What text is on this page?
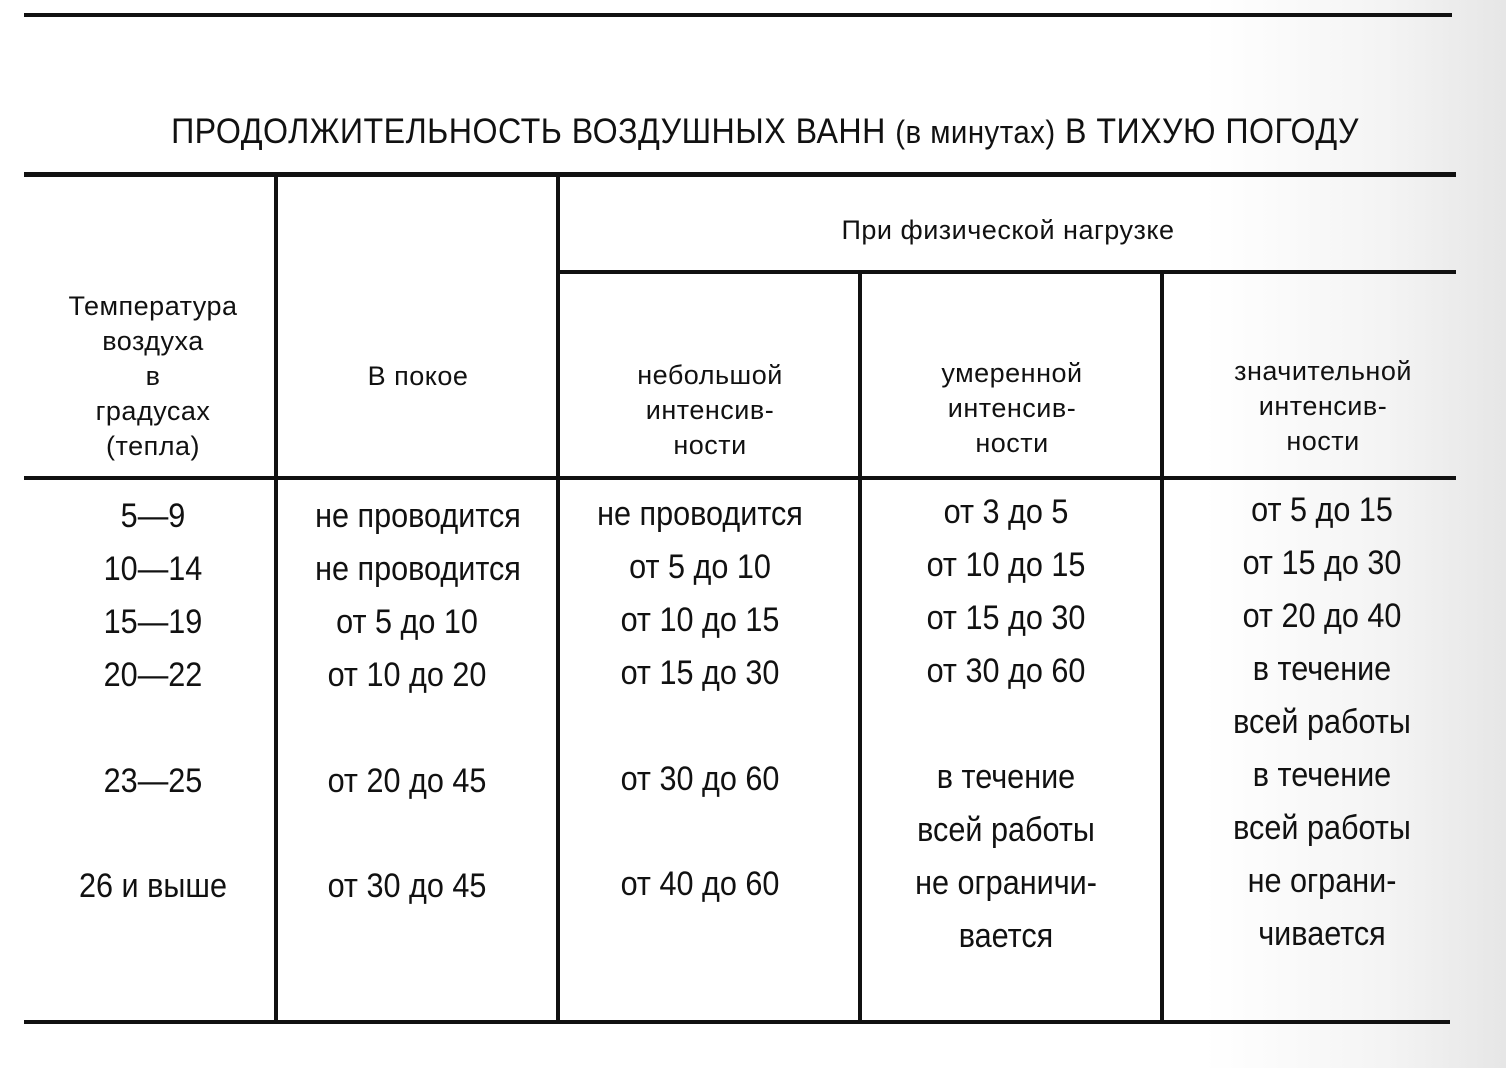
ПРОДОЛЖИТЕЛЬНОСТЬ ВОЗДУШНЫХ ВАНН (в минутах) В ТИХУЮ ПОГОДУ
Температура
воздуха
в
градусах
(тепла)
В покое
При физической нагрузке
небольшой
интенсив-
ности
умеренной
интенсив-
ности
значительной
интенсив-
ности
5—9
10—14
15—19
20—22
23—25
26 и выше
не проводится
не проводится
от 5 до 10
от 10 до 20
от 20 до 45
от 30 до 45
не проводится
от 5 до 10
от 10 до 15
от 15 до 30
от 30 до 60
от 40 до 60
от 3 до 5
от 10 до 15
от 15 до 30
от 30 до 60
в течение
всей работы
не ограничи-
вается
от 5 до 15
от 15 до 30
от 20 до 40
в течение
всей работы
в течение
всей работы
не ограни-
чивается
